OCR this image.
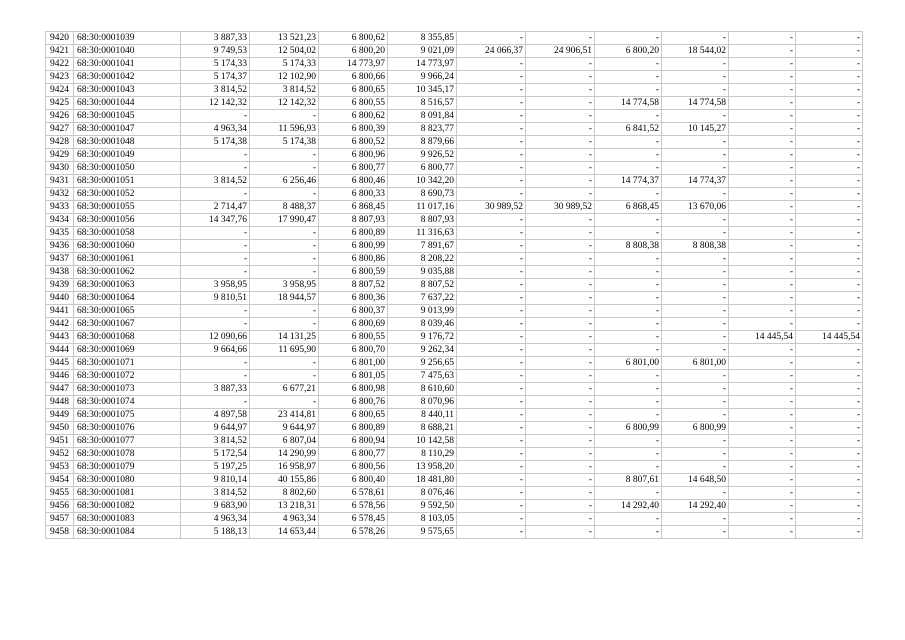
9420	68:30:0001039	3 887,33	13 521,23	6 800,62	8 355,85	-	-	-	-	-	-
9421	68:30:0001040	9 749,53	12 504,02	6 800,20	9 021,09	24 066,37	24 906,51	6 800,20	18 544,02	-	-
9422	68:30:0001041	5 174,33	5 174,33	14 773,97	14 773,97	-	-	-	-	-	-
9423	68:30:0001042	5 174,37	12 102,90	6 800,66	9 966,24	-	-	-	-	-	-
9424	68:30:0001043	3 814,52	3 814,52	6 800,65	10 345,17	-	-	-	-	-	-
9425	68:30:0001044	12 142,32	12 142,32	6 800,55	8 516,57	-	-	14 774,58	14 774,58	-	-
9426	68:30:0001045	-	-	6 800,62	8 091,84	-	-	-	-	-	-
9427	68:30:0001047	4 963,34	11 596,93	6 800,39	8 823,77	-	-	6 841,52	10 145,27	-	-
9428	68:30:0001048	5 174,38	5 174,38	6 800,52	8 879,66	-	-	-	-	-	-
9429	68:30:0001049	-	-	6 800,96	9 926,52	-	-	-	-	-	-
9430	68:30:0001050	-	-	6 800,77	6 800,77	-	-	-	-	-	-
9431	68:30:0001051	3 814,52	6 256,46	6 800,46	10 342,20	-	-	14 774,37	14 774,37	-	-
9432	68:30:0001052	-	-	6 800,33	8 690,73	-	-	-	-	-	-
9433	68:30:0001055	2 714,47	8 488,37	6 868,45	11 017,16	30 989,52	30 989,52	6 868,45	13 670,06	-	-
9434	68:30:0001056	14 347,76	17 990,47	8 807,93	8 807,93	-	-	-	-	-	-
9435	68:30:0001058	-	-	6 800,89	11 316,63	-	-	-	-	-	-
9436	68:30:0001060	-	-	6 800,99	7 891,67	-	-	8 808,38	8 808,38	-	-
9437	68:30:0001061	-	-	6 800,86	8 208,22	-	-	-	-	-	-
9438	68:30:0001062	-	-	6 800,59	9 035,88	-	-	-	-	-	-
9439	68:30:0001063	3 958,95	3 958,95	8 807,52	8 807,52	-	-	-	-	-	-
9440	68:30:0001064	9 810,51	18 944,57	6 800,36	7 637,22	-	-	-	-	-	-
9441	68:30:0001065	-	-	6 800,37	9 013,99	-	-	-	-	-	-
9442	68:30:0001067	-	-	6 800,69	8 039,46	-	-	-	-	-	-
9443	68:30:0001068	12 090,66	14 131,25	6 800,55	9 176,72	-	-	-	-	14 445,54	14 445,54
9444	68:30:0001069	9 664,66	11 695,90	6 800,70	9 262,34	-	-	-	-	-	-
9445	68:30:0001071	-	-	6 801,00	9 256,65	-	-	6 801,00	6 801,00	-	-
9446	68:30:0001072	-	-	6 801,05	7 475,63	-	-	-	-	-	-
9447	68:30:0001073	3 887,33	6 677,21	6 800,98	8 610,60	-	-	-	-	-	-
9448	68:30:0001074	-	-	6 800,76	8 070,96	-	-	-	-	-	-
9449	68:30:0001075	4 897,58	23 414,81	6 800,65	8 440,11	-	-	-	-	-	-
9450	68:30:0001076	9 644,97	9 644,97	6 800,89	8 688,21	-	-	6 800,99	6 800,99	-	-
9451	68:30:0001077	3 814,52	6 807,04	6 800,94	10 142,58	-	-	-	-	-	-
9452	68:30:0001078	5 172,54	14 290,99	6 800,77	8 110,29	-	-	-	-	-	-
9453	68:30:0001079	5 197,25	16 958,97	6 800,56	13 958,20	-	-	-	-	-	-
9454	68:30:0001080	9 810,14	40 155,86	6 800,40	18 481,80	-	-	8 807,61	14 648,50	-	-
9455	68:30:0001081	3 814,52	8 802,60	6 578,61	8 076,46	-	-	-	-	-	-
9456	68:30:0001082	9 683,90	13 218,31	6 578,56	9 592,50	-	-	14 292,40	14 292,40	-	-
9457	68:30:0001083	4 963,34	4 963,34	6 578,45	8 103,05	-	-	-	-	-	-
9458	68:30:0001084	5 188,13	14 653,44	6 578,26	9 575,65	-	-	-	-	-	-
